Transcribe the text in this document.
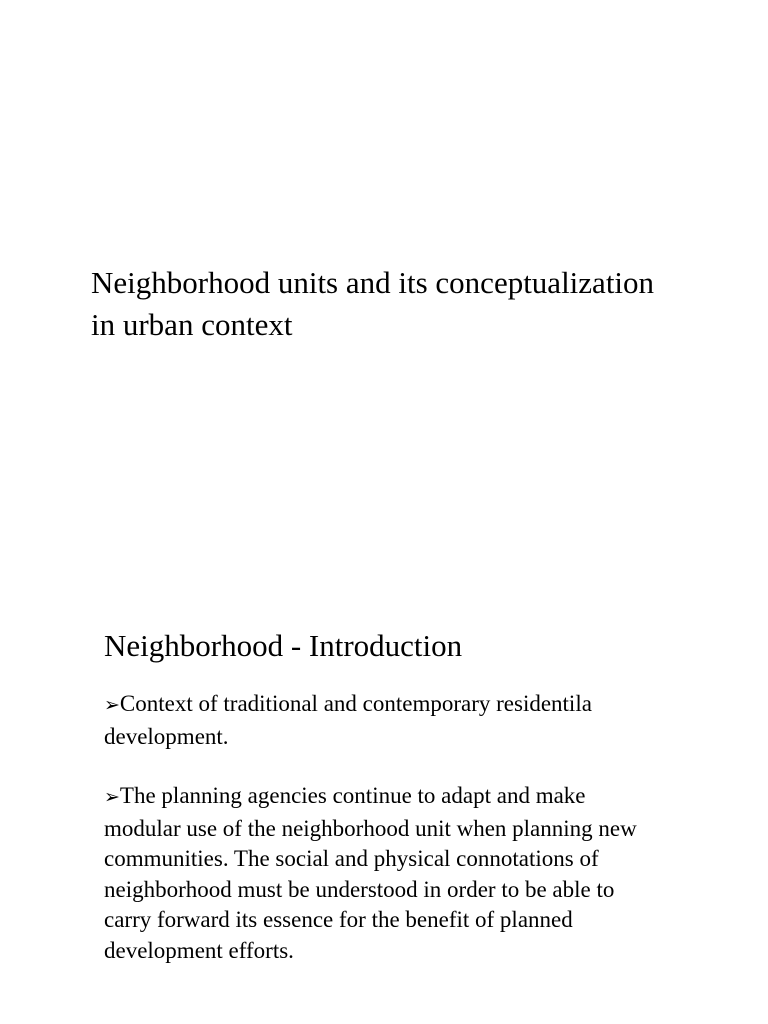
Neighborhood units and its conceptualization
in urban context
Neighborhood - Introduction
➢Context of traditional and contemporary residentila
development.
➢The planning agencies continue to adapt and make
modular use of the neighborhood unit when planning new
communities. The social and physical connotations of
neighborhood must be understood in order to be able to
carry forward its essence for the benefit of planned
development efforts.
